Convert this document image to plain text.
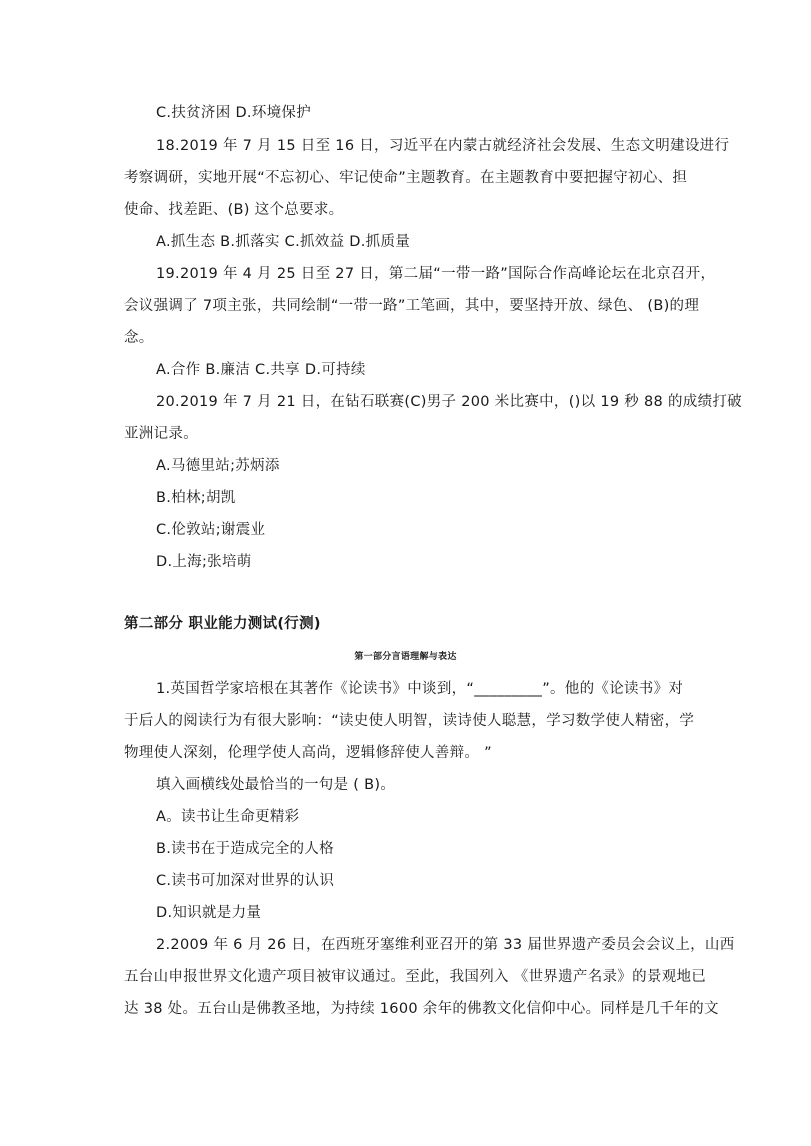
C.扶贫济困 D.环境保护
18.2019 年 7 月 15 日至 16 日，习近平在内蒙古就经济社会发展、生态文明建设进行
考察调研，实地开展“不忘初心、牢记使命”主题教育。在主题教育中要把握守初心、担
使命、找差距、(B) 这个总要求。
A.抓生态 B.抓落实 C.抓效益 D.抓质量
19.2019 年 4 月 25 日至 27 日，第二届“一带一路”国际合作高峰论坛在北京召开，
会议强调了 7项主张，共同绘制“一带一路”工笔画，其中，要坚持开放、绿色、 (B)的理
念。
A.合作 B.廉洁 C.共享 D.可持续
20.2019 年 7 月 21 日，在钻石联赛(C)男子 200 米比赛中，()以 19 秒 88 的成绩打破
亚洲记录。
A.马德里站;苏炳添
B.柏林;胡凯
C.伦敦站;谢震业
D.上海;张培萌
第二部分 职业能力测试(行测)
第一部分言语理解与表达
1.英国哲学家培根在其著作《论读书》中谈到，“_________”。他的《论读书》对
于后人的阅读行为有很大影响：“读史使人明智，读诗使人聪慧，学习数学使人精密，学
物理使人深刻，伦理学使人高尚，逻辑修辞使人善辩。 ”
填入画横线处最恰当的一句是 ( B)。
A。读书让生命更精彩
B.读书在于造成完全的人格
C.读书可加深对世界的认识
D.知识就是力量
2.2009 年 6 月 26 日，在西班牙塞维利亚召开的第 33 届世界遗产委员会会议上，山西
五台山申报世界文化遗产项目被审议通过。至此，我国列入 《世界遗产名录》的景观地已
达 38 处。五台山是佛教圣地，为持续 1600 余年的佛教文化信仰中心。同样是几千年的文
